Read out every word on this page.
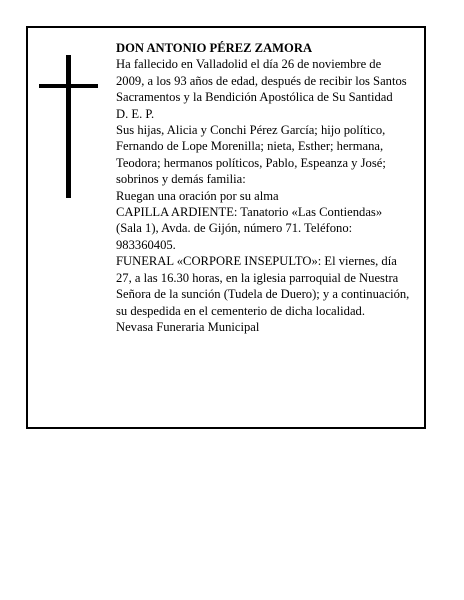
DON ANTONIO PÉREZ ZAMORA

Ha fallecido en Valladolid el día 26 de noviembre de 2009, a los 93 años de edad, después de recibir los Santos Sacramentos y la Bendición Apostólica de Su Santidad

D. E. P.

Sus hijas, Alicia y Conchi Pérez García; hijo político, Fernando de Lope Morenilla; nieta, Esther; hermana, Teodora; hermanos políticos, Pablo, Espeanza y José; sobrinos y demás familia:

Ruegan una oración por su alma

CAPILLA ARDIENTE: Tanatorio «Las Contiendas» (Sala 1), Avda. de Gijón, número 71. Teléfono: 983360405.

FUNERAL «CORPORE INSEPULTO»: El viernes, día 27, a las 16.30 horas, en la iglesia parroquial de Nuestra Señora de la sunción (Tudela de Duero); y a continuación, su despedida en el cementerio de dicha localidad.

Nevasa Funeraria Municipal
